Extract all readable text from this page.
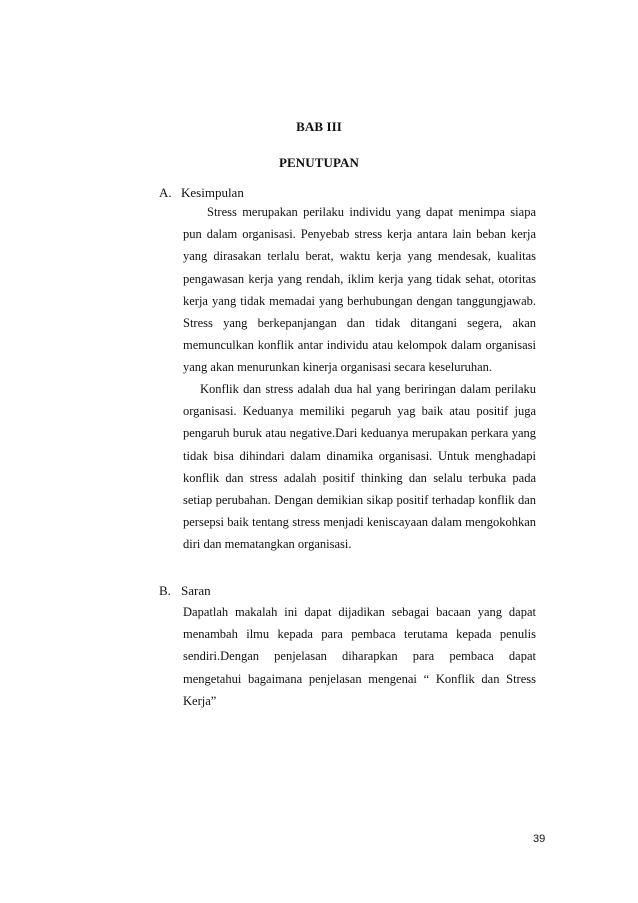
BAB III
PENUTUPAN
A. Kesimpulan

Stress merupakan perilaku individu yang dapat menimpa siapa pun dalam organisasi. Penyebab stress kerja antara lain beban kerja yang dirasakan terlalu berat, waktu kerja yang mendesak, kualitas pengawasan kerja yang rendah, iklim kerja yang tidak sehat, otoritas kerja yang tidak memadai yang berhubungan dengan tanggungjawab. Stress yang berkepanjangan dan tidak ditangani segera, akan memunculkan konflik antar individu atau kelompok dalam organisasi yang akan menurunkan kinerja organisasi secara keseluruhan.

Konflik dan stress adalah dua hal yang beriringan dalam perilaku organisasi. Keduanya memiliki pegaruh yag baik atau positif juga pengaruh buruk atau negative.Dari keduanya merupakan perkara yang tidak bisa dihindari dalam dinamika organisasi. Untuk menghadapi konflik dan stress adalah positif thinking dan selalu terbuka pada setiap perubahan. Dengan demikian sikap positif terhadap konflik dan persepsi baik tentang stress menjadi keniscayaan dalam mengokohkan diri dan mematangkan organisasi.

B. Saran

Dapatlah makalah ini dapat dijadikan sebagai bacaan yang dapat menambah ilmu kepada para pembaca terutama kepada penulis sendiri.Dengan penjelasan diharapkan para pembaca dapat mengetahui bagaimana penjelasan mengenai “ Konflik dan Stress Kerja”

39
